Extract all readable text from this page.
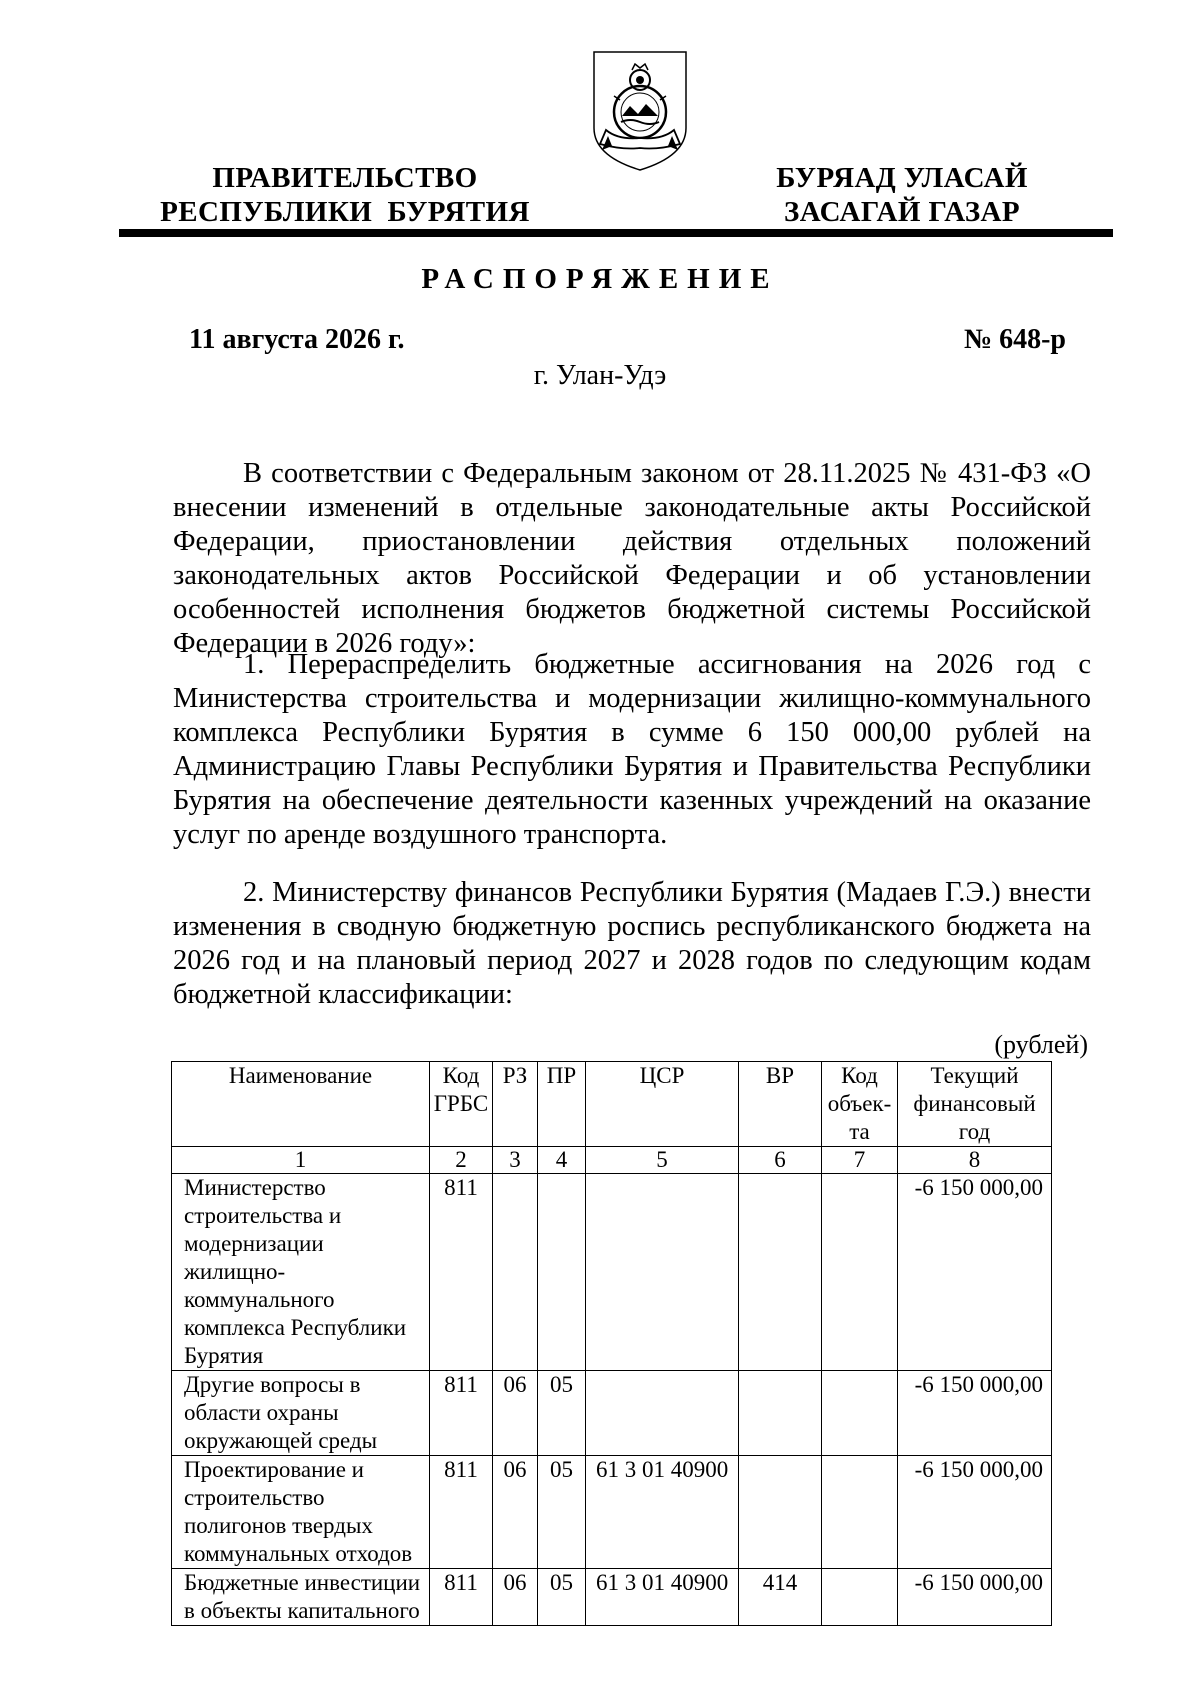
ПРАВИТЕЛЬСТВО
РЕСПУБЛИКИ  БУРЯТИЯ
БУРЯАД УЛАСАЙ
ЗАСАГАЙ ГАЗАР
РАСПОРЯЖЕНИЕ
11 августа 2026 г.	№ 648-р
г. Улан-Удэ

В соответствии с Федеральным законом от 28.11.2025 № 431-ФЗ «О внесении изменений в отдельные законодательные акты Российской Федерации, приостановлении действия отдельных положений законодательных актов Российской Федерации и об установлении особенностей исполнения бюджетов бюджетной системы Российской Федерации в 2026 году»:

1. Перераспределить бюджетные ассигнования на 2026 год с Министерства строительства и модернизации жилищно-коммунального комплекса Республики Бурятия в сумме 6 150 000,00 рублей на Администрацию Главы Республики Бурятия и Правительства Республики Бурятия на обеспечение деятельности казенных учреждений на оказание услуг по аренде воздушного транспорта.

2. Министерству финансов Республики Бурятия (Мадаев Г.Э.) внести изменения в сводную бюджетную роспись республиканского бюджета на 2026 год и на плановый период 2027 и 2028 годов по следующим кодам бюджетной классификации:

(рублей)
Наименование	Код ГРБС	РЗ	ПР	ЦСР	ВР	Код объек-та	Текущий финансовый год
1	2	3	4	5	6	7	8
Министерство строительства и модернизации жилищно-коммунального комплекса Республики Бурятия	811						-6 150 000,00
Другие вопросы в области охраны окружающей среды	811	06	05				-6 150 000,00
Проектирование и строительство полигонов твердых коммунальных отходов	811	06	05	61 3 01 40900			-6 150 000,00
Бюджетные инвестиции в объекты капитального	811	06	05	61 3 01 40900	414		-6 150 000,00
